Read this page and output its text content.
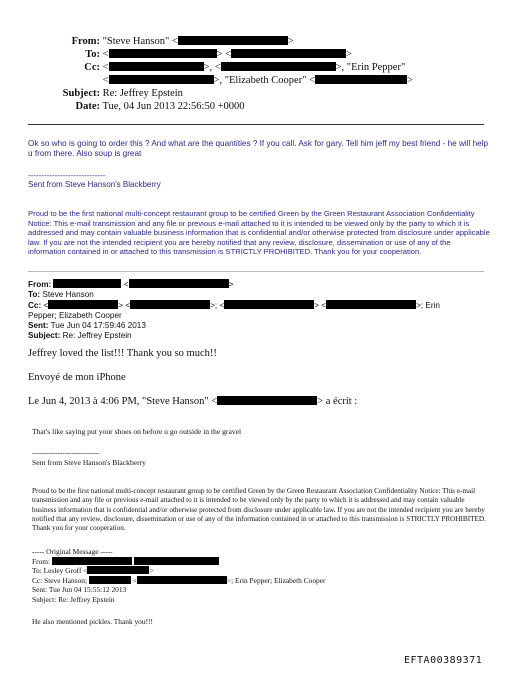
From: "Steve Hanson" <	>
To: <	> <	>
Cc: <	>, <	>, "Erin Pepper"
<	>, "Elizabeth Cooper" <	>
Subject: Re: Jeffrey Epstein
Date: Tue, 04 Jun 2013 22:56:50 +0000
Ok so who is going to order this ? And what are the quantities ? If you call. Ask for gary. Tell him jeff my best friend - he will help u from there. Also soup is great
-----------------------------
Sent from Steve Hanson's Blackberry
Proud to be the first national multi-concept restaurant group to be certified Green by the Green Restaurant Association Confidentiality Notice: This e-mail transmission and any file or previous e-mail attached to it is intended to be viewed only by the party to which it is addressed and may contain valuable business information that is confidential and/or otherwise protected from disclosure under applicable law. If you are not the intended recipient you are hereby notified that any review, disclosure, dissemination or use of any of the information contained in or attached to this transmission is STRICTLY PROHIBITED. Thank you for your cooperation.
From:	<	>
To: Steve Hanson
Cc: <	> <	>; <	> <	>; Erin
Pepper; Elizabeth Cooper
Sent: Tue Jun 04 17:59:46 2013
Subject: Re: Jeffrey Epstein
Jeffrey loved the list!!! Thank you so much!!
Envoyé de mon iPhone
Le Jun 4, 2013 à 4:06 PM, "Steve Hanson" <	> a écrit :
That's like saying put your shoes on before u go outside in the gravel
-----------------------------
Sent from Steve Hanson's Blackberry
Proud to be the first national multi-concept restaurant group to be certified Green by the Green Restaurant Association Confidentiality Notice: This e-mail transmission and any file or previous e-mail attached to it is intended to be viewed only by the party to which it is addressed and may contain valuable business information that is confidential and/or otherwise protected from disclosure under applicable law. If you are not the intended recipient you are hereby notified that any review, disclosure, dissemination or use of any of the information contained in or attached to this transmission is STRICTLY PROHIBITED. Thank you for your cooperation.
----- Original Message -----
From:
To: Lesley Groff <	>
Cc: Steve Hanson;	<	>; Erin Pepper; Elizabeth Cooper
Sent: Tue Jun 04 15:55:12 2013
Subject: Re: Jeffrey Epstein
He also mentioned pickles. Thank you!!!
EFTA00389371
